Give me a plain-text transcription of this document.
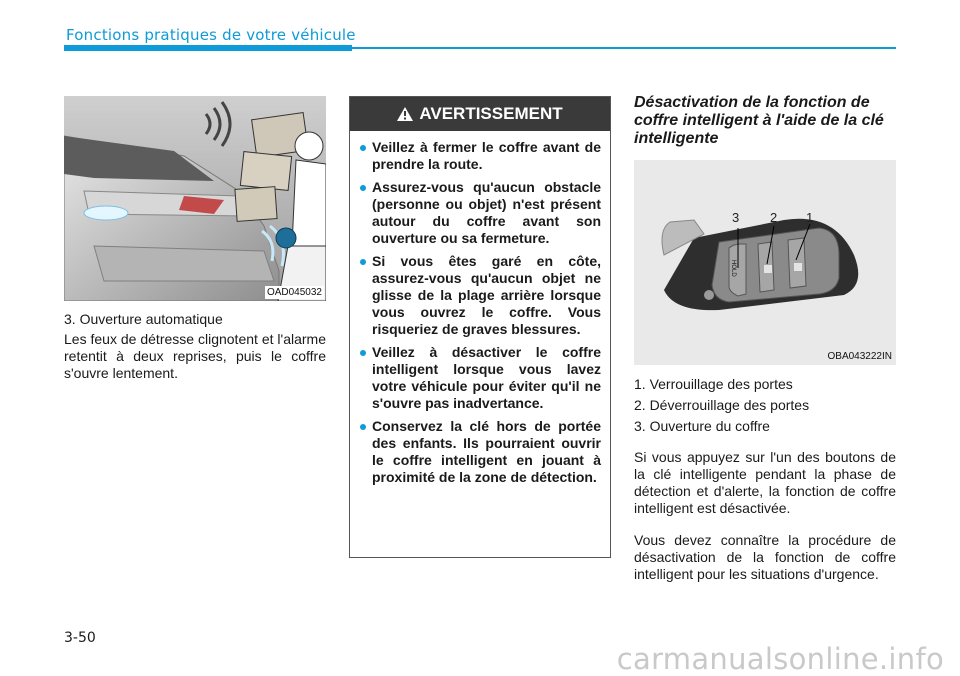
Fonctions pratiques de votre véhicule
OAD045032
3. Ouverture automatique
Les feux de détresse clignotent et l'alarme retentit à deux reprises, puis le coffre s'ouvre lentement.
AVERTISSEMENT
Veillez à fermer le coffre avant de prendre la route.
Assurez-vous qu'aucun obstacle (personne ou objet) n'est présent autour du coffre avant son ouverture ou sa fermeture.
Si vous êtes garé en côte, assurez-vous qu'aucun objet ne glisse de la plage arrière lorsque vous ouvrez le coffre. Vous risqueriez de graves blessures.
Veillez à désactiver le coffre intelligent lorsque vous lavez votre véhicule pour éviter qu'il ne s'ouvre pas inadvertance.
Conservez la clé hors de portée des enfants. Ils pourraient ouvrir le coffre intelligent en jouant à proximité de la zone de détection.
Désactivation de la fonction de coffre intelligent à l'aide de la clé intelligente
3 2 1
HOLD
OBA043222IN
1. Verrouillage des portes
2. Déverrouillage des portes
3. Ouverture du coffre
Si vous appuyez sur l'un des boutons de la clé intelligente pendant la phase de détection et d'alerte, la fonction de coffre intelligent est désactivée.
Vous devez connaître la procédure de désactivation de la fonction de coffre intelligent pour les situations d'urgence.
3-50
carmanualsonline.info
